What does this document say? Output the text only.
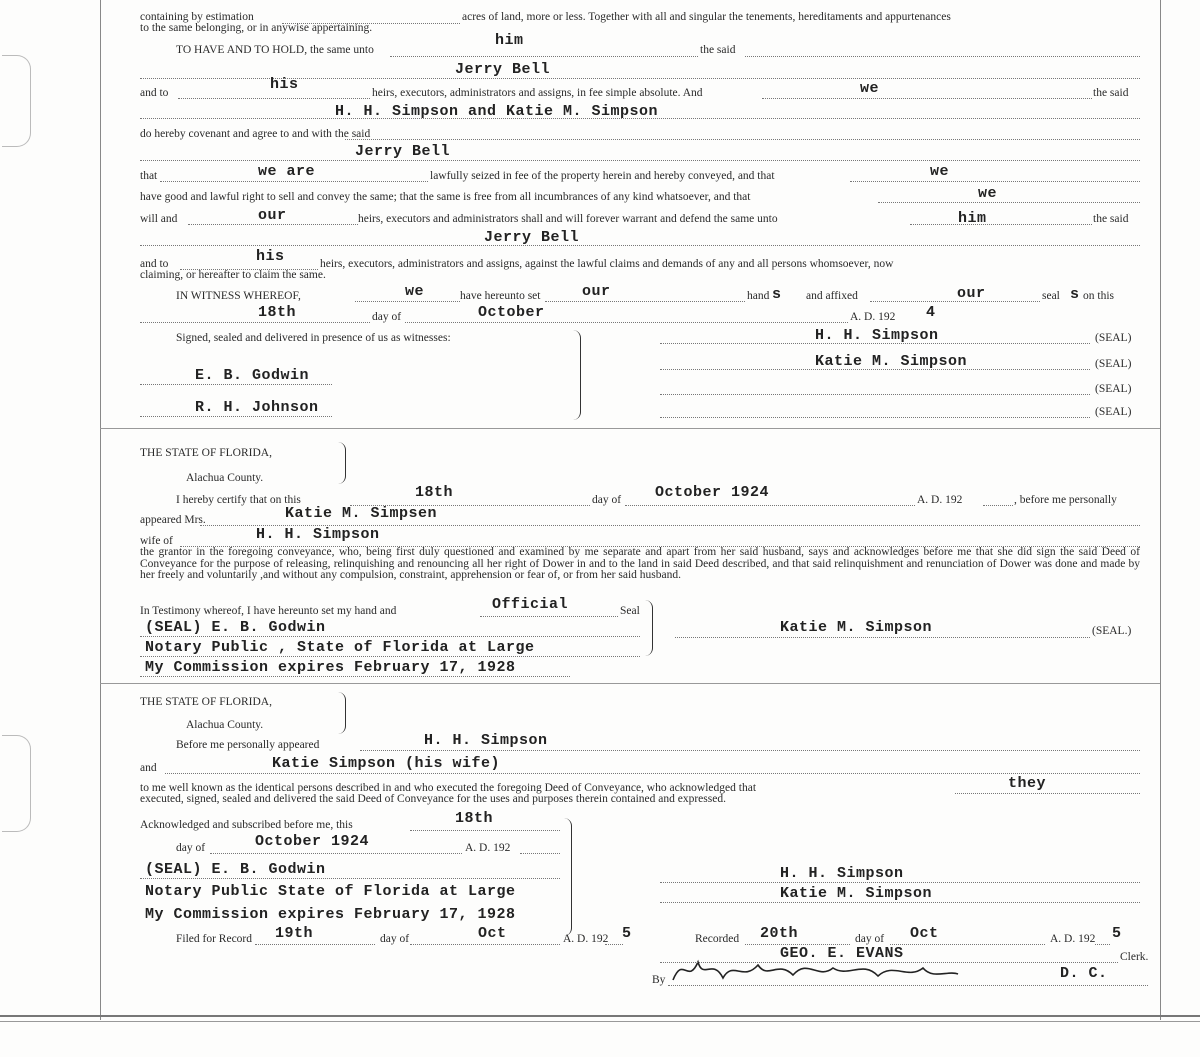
the grantor in the foregoing conveyance, who, being first duly questioned and examined by me separate and apart from her said husband, says and acknowledges before me that she did sign the said Deed of Conveyance for the purpose of releasing, relinquishing and renouncing all her right of Dower in and to the land in said Deed described, and that said relinquishment and renunciation of Dower was done and made by her freely and voluntarily ,and without any compulsion, constraint, apprehension or fear of, or from her said husband.
containing by estimation	acres of land, more or less. Together with all and singular the tenements, hereditaments and appurtenances
to the same belonging, or in anywise appertaining.
TO HAVE AND TO HOLD, the same unto
him
the said
Jerry Bell
and to	his	heirs, executors, administrators and assigns, in fee simple absolute. And	we	the said
H. H. Simpson and Katie M. Simpson
do hereby covenant and agree to and with the said
Jerry Bell
that	we are	lawfully seized in fee of the property herein and hereby conveyed, and that	we
have good and lawful right to sell and convey the same; that the same is free from all incumbrances of any kind whatsoever, and that	we
will and	our	heirs, executors and administrators shall and will forever warrant and defend the same unto	him	the said
Jerry Bell
and to	his	heirs, executors, administrators and assigns, against the lawful claims and demands of any and all persons whomsoever, now
claiming, or hereafter to claim the same.
IN WITNESS WHEREOF,	we	have hereunto set	our	hand s and affixed	our	seal s on this
18th	day of	October	A. D. 192 4
Signed, sealed and delivered in presence of us as witnesses:	H. H. Simpson	(SEAL)
Katie M. Simpson	(SEAL)
E. B. Godwin
(SEAL)
R. H. Johnson	(SEAL)
THE STATE OF FLORIDA,
Alachua County.
I hereby certify that on this	18th	day of October 1924	A. D. 192	, before me personally
appeared Mrs.	Katie M. Simpsen
wife of	H. H. Simpson
In Testimony whereof, I have hereunto set my hand and	Official	Seal
(SEAL) E. B. Godwin
Notary Public , State of Florida at Large
My Commission expires February 17, 1928
Katie M. Simpson	(SEAL.)
THE STATE OF FLORIDA,
Alachua County.
Before me personally appeared	H. H. Simpson
and	Katie Simpson (his wife)
to me well known as the identical persons described in and who executed the foregoing Deed of Conveyance, who acknowledged that	they
executed, signed, sealed and delivered the said Deed of Conveyance for the uses and purposes therein contained and expressed.
Acknowledged and subscribed before me, this	18th
day of	October 1924	A. D. 192
(SEAL) E. B. Godwin
Notary Public State of Florida at Large
My Commission expires February 17, 1928
H. H. Simpson
Katie M. Simpson
Filed for Record 19th	day of	Oct	A. D. 192 5	Recorded 20th	day of Oct	A. D. 192 5
GEO. E. EVANS	Clerk.
By	D. C.
